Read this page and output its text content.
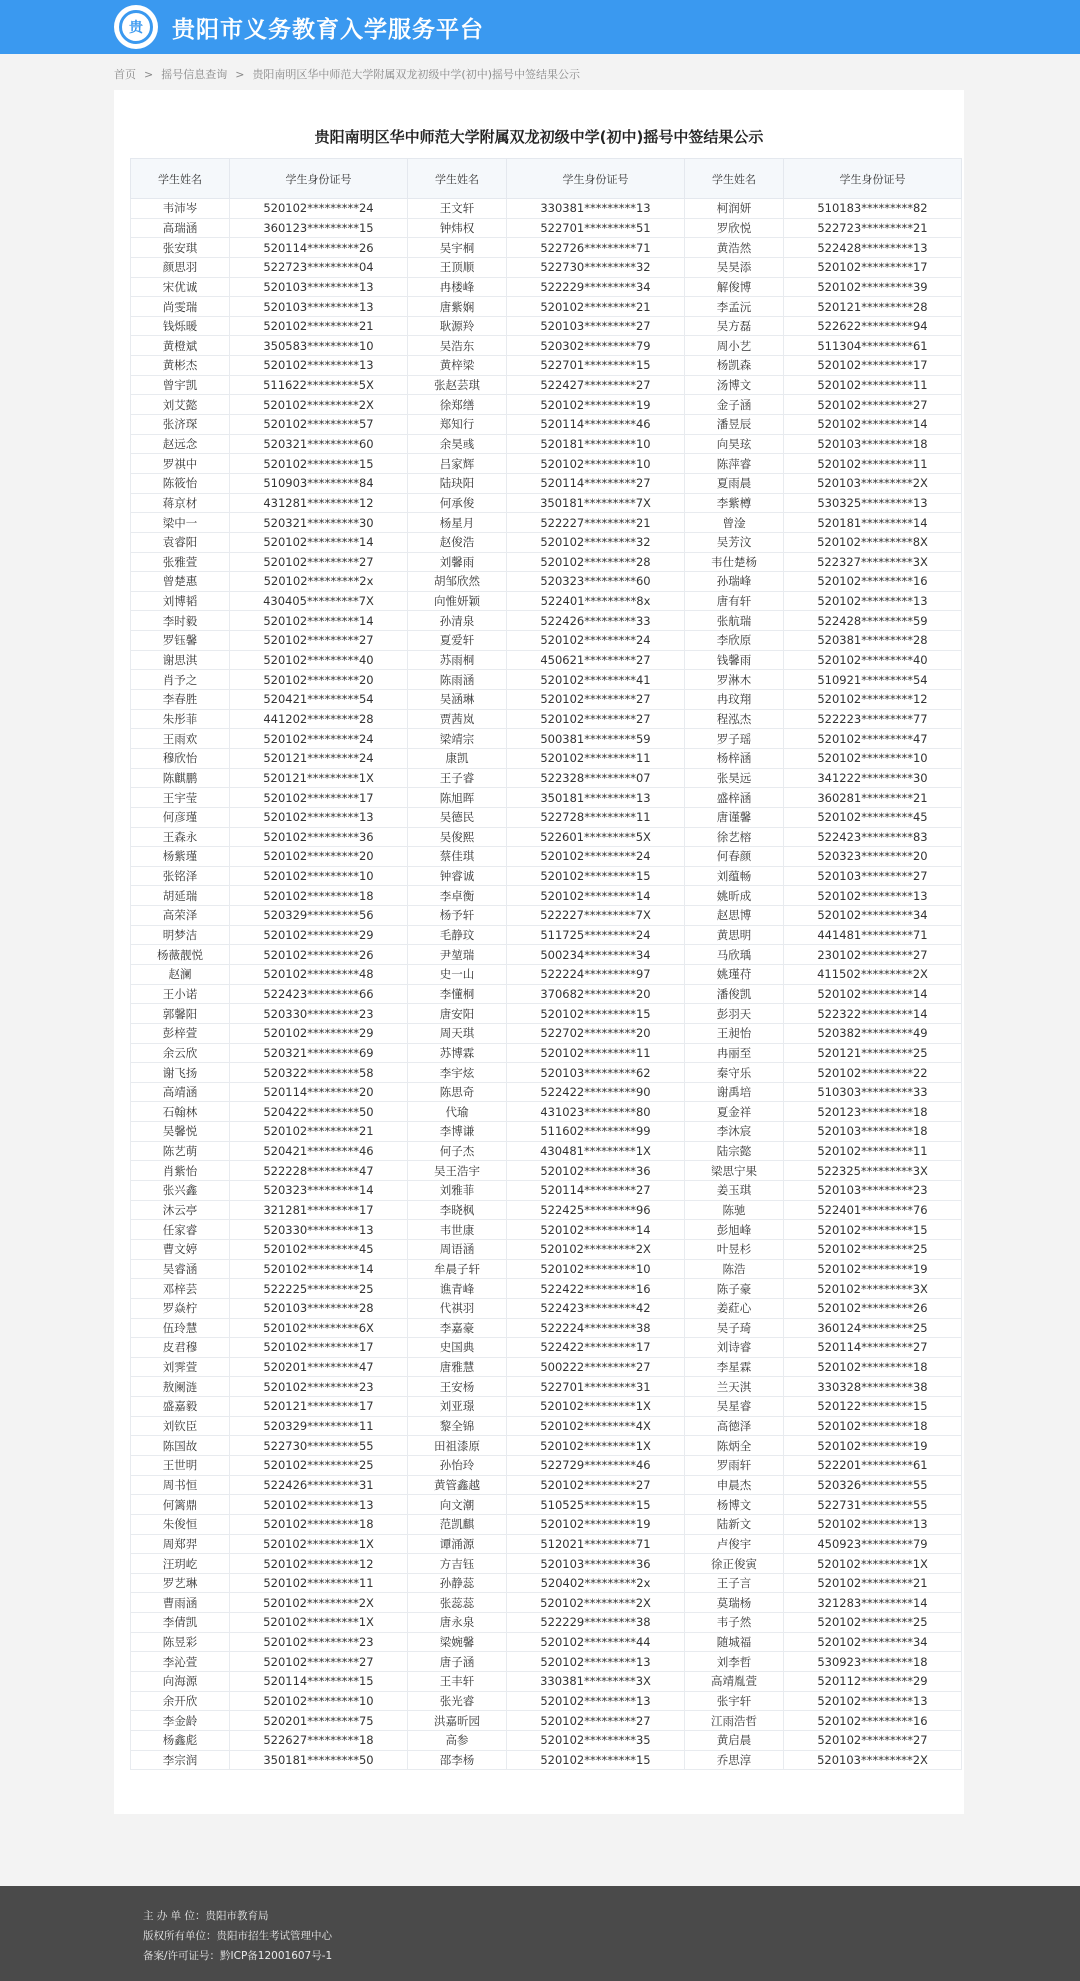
贵	贵阳市义务教育入学服务平台
首页 > 摇号信息查询 > 贵阳南明区华中师范大学附属双龙初级中学(初中)摇号中签结果公示
贵阳南明区华中师范大学附属双龙初级中学(初中)摇号中签结果公示
学生姓名	学生身份证号	学生姓名	学生身份证号	学生姓名	学生身份证号
韦沛岑	520102*********24	王文轩	330381*********13	柯润妍	510183*********82
高瑞涵	360123*********15	钟炜权	522701*********51	罗欣悦	522723*********21
张安琪	520114*********26	吴宇桐	522726*********71	黄浩然	522428*********13
颜思羽	522723*********04	王顶顺	522730*********32	吴昊添	520102*********17
宋优诚	520103*********13	冉楼峰	522229*********34	解俊博	520102*********39
尚雯瑞	520103*********13	唐紫娴	520102*********21	李孟沅	520121*********28
钱烁暖	520102*********21	耿源羚	520103*********27	吴方磊	522622*********94
黄橙斌	350583*********10	吴浩东	520302*********79	周小艺	511304*********61
黄彬杰	520102*********13	黄梓梁	522701*********15	杨凯森	520102*********17
曾宇凯	511622*********5X	张赵芸琪	522427*********27	汤博文	520102*********11
刘艾懿	520102*********2X	徐郑缮	520102*********19	金子涵	520102*********27
张济琛	520102*********57	郑知行	520114*********46	潘昱辰	520102*********14
赵远念	520321*********60	余昊彧	520181*********10	向昊玹	520103*********18
罗祺中	520102*********15	吕家辉	520102*********10	陈萍睿	520102*********11
陈筱怡	510903*********84	陆玦阳	520114*********27	夏雨晨	520103*********2X
蒋京材	431281*********12	何承俊	350181*********7X	李紫樽	530325*********13
梁中一	520321*********30	杨星月	522227*********21	曾淦	520181*********14
袁睿阳	520102*********14	赵俊浩	520102*********32	吴芳汶	520102*********8X
张雅萱	520102*********27	刘馨雨	520102*********28	韦仕楚杨	522327*********3X
曾楚惠	520102*********2x	胡邹欣然	520323*********60	孙瑞峰	520102*********16
刘博韬	430405*********7X	向惟妍颖	522401*********8x	唐有轩	520102*********13
李时毅	520102*********14	孙清泉	522426*********33	张航瑞	522428*********59
罗钰馨	520102*********27	夏爱轩	520102*********24	李欣原	520381*********28
谢思淇	520102*********40	苏雨桐	450621*********27	钱馨雨	520102*********40
肖予之	520102*********20	陈雨涵	520102*********41	罗淋木	510921*********54
李春胜	520421*********54	吴涵琳	520102*********27	冉玟翔	520102*********12
朱彤菲	441202*********28	贾茜岚	520102*********27	程泓杰	522223*********77
王雨欢	520102*********24	梁靖宗	500381*********59	罗子瑶	520102*********47
穆欣怡	520121*********24	康凯	520102*********11	杨梓涵	520102*********10
陈麒鹏	520121*********1X	王子睿	522328*********07	张昊远	341222*********30
王宇莹	520102*********17	陈旭晖	350181*********13	盛梓涵	360281*********21
何彦瑾	520102*********13	吴德民	522728*********11	唐谨馨	520102*********45
王森永	520102*********36	吴俊熙	522601*********5X	徐艺榕	522423*********83
杨紫瑾	520102*********20	蔡佳琪	520102*********24	何春颜	520323*********20
张铭泽	520102*********10	钟睿诚	520102*********15	刘蕴畅	520103*********27
胡延瑞	520102*********18	李卓衡	520102*********14	姚昕成	520102*********13
高荣泽	520329*********56	杨予轩	522227*********7X	赵思博	520102*********34
明梦洁	520102*********29	毛静玟	511725*********24	黄思明	441481*********71
杨薇靓悦	520102*********26	尹堃瑞	500234*********34	马欣瑀	230102*********27
赵澜	520102*********48	史一山	522224*********97	姚瑾苻	411502*********2X
王小诺	522423*********66	李懂桐	370682*********20	潘俊凯	520102*********14
郭馨阳	520330*********23	唐安阳	520102*********15	彭羽天	522322*********14
彭梓萱	520102*********29	周天琪	522702*********20	王昶怡	520382*********49
余云欣	520321*********69	苏博霖	520102*********11	冉丽至	520121*********25
谢飞扬	520322*********58	李宇炫	520103*********62	秦守乐	520102*********22
高靖涵	520114*********20	陈思奇	522422*********90	谢禹培	510303*********33
石翰林	520422*********50	代瑜	431023*********80	夏金祥	520123*********18
吴馨悦	520102*********21	李博谦	511602*********99	李沐宸	520103*********18
陈艺萌	520421*********46	何子杰	430481*********1X	陆宗懿	520102*********11
肖紫怡	522228*********47	吴王浩宇	520102*********36	梁思宁果	522325*********3X
张兴鑫	520323*********14	刘雅菲	520114*********27	姜玉琪	520103*********23
沐云亭	321281*********17	李晓枫	522425*********96	陈驰	522401*********76
任家睿	520330*********13	韦世康	520102*********14	彭旭峰	520102*********15
曹文婷	520102*********45	周语涵	520102*********2X	叶昱杉	520102*********25
吴睿涵	520102*********14	牟晨子轩	520102*********10	陈浩	520102*********19
邓梓芸	522225*********25	谯青峰	522422*********16	陈子豪	520102*********3X
罗焱柠	520103*********28	代祺羽	522423*********42	姜葒心	520102*********26
伍玲慧	520102*********6X	李嘉豪	522224*********38	吴子琦	360124*********25
皮君穆	520102*********17	史国典	522422*********17	刘诗睿	520114*********27
刘霁萱	520201*********47	唐雅慧	500222*********27	李星霖	520102*********18
敖阑涟	520102*********23	王安杨	522701*********31	兰天淇	330328*********38
盛嘉毅	520121*********17	刘亚璟	520102*********1X	吴星睿	520122*********15
刘钦臣	520329*********11	黎全锦	520102*********4X	高徳泽	520102*********18
陈国故	522730*********55	田祖漆原	520102*********1X	陈炳全	520102*********19
王世明	520102*********25	孙怡玲	522729*********46	罗雨轩	522201*********61
周书恒	522426*********31	黄管鑫越	520102*********27	申晨杰	520326*********55
何篱鼎	520102*********13	向文潮	510525*********15	杨博文	522731*********55
朱俊恒	520102*********18	范凯麒	520102*********19	陆新文	520102*********13
周郑羿	520102*********1X	谭涌源	512021*********71	卢俊宇	450923*********79
汪玥屹	520102*********12	方吉钰	520103*********36	徐正俊寅	520102*********1X
罗艺琳	520102*********11	孙静蕊	520402*********2x	王子言	520102*********21
曹雨涵	520102*********2X	张蕊蕊	520102*********2X	莫瑞杨	321283*********14
李倩凯	520102*********1X	唐永泉	522229*********38	韦子然	520102*********25
陈昱彩	520102*********23	梁婉馨	520102*********44	随城福	520102*********34
李沁萱	520102*********27	唐子涵	520102*********13	刘李哲	530923*********18
向海源	520114*********15	王丰轩	330381*********3X	高靖胤萱	520112*********29
余开欣	520102*********10	张光睿	520102*********13	张宇轩	520102*********13
李金龄	520201*********75	洪嘉昕园	520102*********27	江雨浩哲	520102*********16
杨鑫彪	522627*********18	高参	520102*********35	黄启晨	520102*********27
李宗润	350181*********50	邵李杨	520102*********15	乔思淳	520103*********2X
主 办 单 位：贵阳市教育局
版权所有单位：贵阳市招生考试管理中心
备案/许可证号：黔ICP备12001607号-1
